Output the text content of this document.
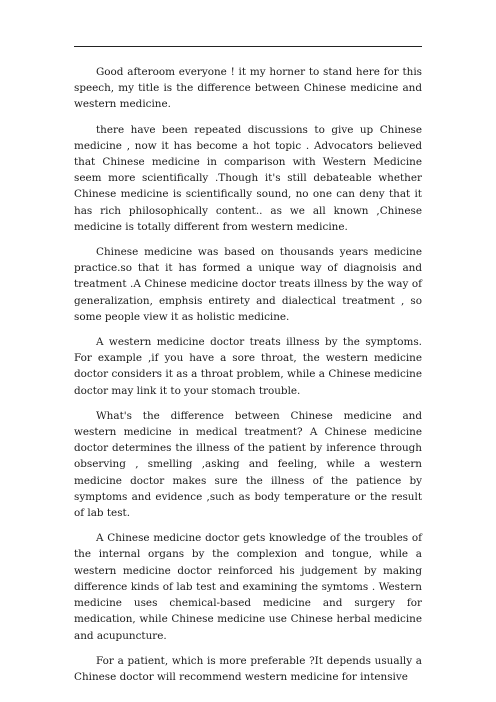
Good afteroom everyone ! it my horner to stand here for this speech, my title is the difference between Chinese medicine and western medicine.

there have been repeated discussions to give up Chinese medicine , now it has become a hot topic . Advocators believed that Chinese medicine in comparison with Western Medicine seem more scientifically .Though it's still debateable whether Chinese medicine is scientifically sound, no one can deny that it has rich philosophically content.. as we all known ,Chinese medicine is totally different from western medicine.

Chinese medicine was based on thousands years medicine practice.so that it has formed a unique way of diagnoisis and treatment .A Chinese medicine doctor treats illness by the way of generalization, emphsis entirety and dialectical treatment , so some people view it as holistic medicine.

A western medicine doctor treats illness by the symptoms. For example ,if you have a sore throat, the western medicine doctor considers it as a throat problem, while a Chinese medicine doctor may link it to your stomach trouble.

What's the difference between Chinese medicine and western medicine in medical treatment? A Chinese medicine doctor determines the illness of the patient by inference through observing , smelling ,asking and feeling, while a western medicine doctor makes sure the illness of the patience by symptoms and evidence ,such as body temperature or the result of lab test.

A Chinese medicine doctor gets knowledge of the troubles of the internal organs by the complexion and tongue, while a western medicine doctor reinforced his judgement by making difference kinds of lab test and examining the symtoms . Western medicine uses chemical-based medicine and surgery for medication, while Chinese medicine use Chinese herbal medicine and acupuncture.

For a patient, which is more preferable ?It depends usually a Chinese doctor will recommend western medicine for intensive
